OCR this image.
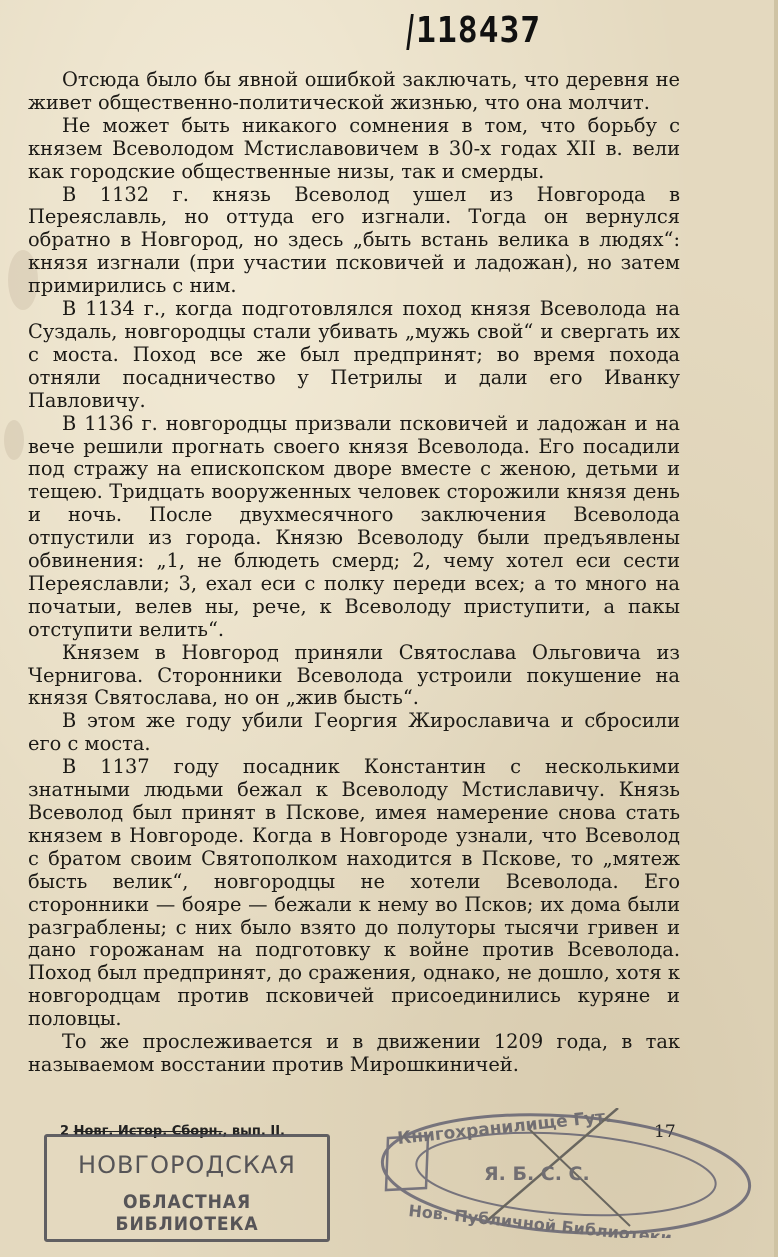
118437

Отсюда было бы явной ошибкой заключать, что деревня не живет общественно-политической жизнью, что она молчит.

Не может быть никакого сомнения в том, что борьбу с князем Всеволодом Мстиславовичем в 30-х годах XII в. вели как городские общественные низы, так и смерды.

В 1132 г. князь Всеволод ушел из Новгорода в Переяславль, но оттуда его изгнали. Тогда он вернулся обратно в Новгород, но здесь „быть встань велика в людях“: князя изгнали (при участии псковичей и ладожан), но затем примирились с ним.

В 1134 г., когда подготовлялся поход князя Всеволода на Суздаль, новгородцы стали убивать „мужь свой“ и свергать их с моста. Поход все же был предпринят; во время похода отняли посадничество у Петрилы и дали его Иванку Павловичу.

В 1136 г. новгородцы призвали псковичей и ладожан и на вече решили прогнать своего князя Всеволода. Его посадили под стражу на епископском дворе вместе с женою, детьми и тещею. Тридцать вооруженных человек сторожили князя день и ночь. После двухмесячного заключения Всеволода отпустили из города. Князю Всеволоду были предъявлены обвинения: „1, не блюдеть смерд; 2, чему хотел еси сести Переяславли; 3, ехал еси с полку переди всех; а то много на початыи, велев ны, рече, к Всеволоду приступити, а пакы отступити велить“.

Князем в Новгород приняли Святослава Ольговича из Чернигова. Сторонники Всеволода устроили покушение на князя Святослава, но он „жив бысть“.

В этом же году убили Георгия Жирославича и сбросили его с моста.

В 1137 году посадник Константин с несколькими знатными людьми бежал к Всеволоду Мстиславичу. Князь Всеволод был принят в Пскове, имея намерение снова стать князем в Новгороде. Когда в Новгороде узнали, что Всеволод с братом своим Святополком находится в Пскове, то „мятеж бысть велик“, новгородцы не хотели Всеволода. Его сторонники — бояре — бежали к нему во Псков; их дома были разграблены; с них было взято до полуторы тысячи гривен и дано горожанам на подготовку к войне против Всеволода. Поход был предпринят, до сражения, однако, не дошло, хотя к новгородцам против псковичей присоединились куряне и половцы.

То же прослеживается и в движении 1209 года, в так называемом восстании против Мирошкиничей.

2 Новг. Истор. Сборн., вып. II.	17
НОВГОРОДСКАЯ
ОБЛАСТНАЯ БИБЛИОТЕКА
Книгохранилище Гут.
Я. Б. С. С.
Нов. Публичной Библиотеки
